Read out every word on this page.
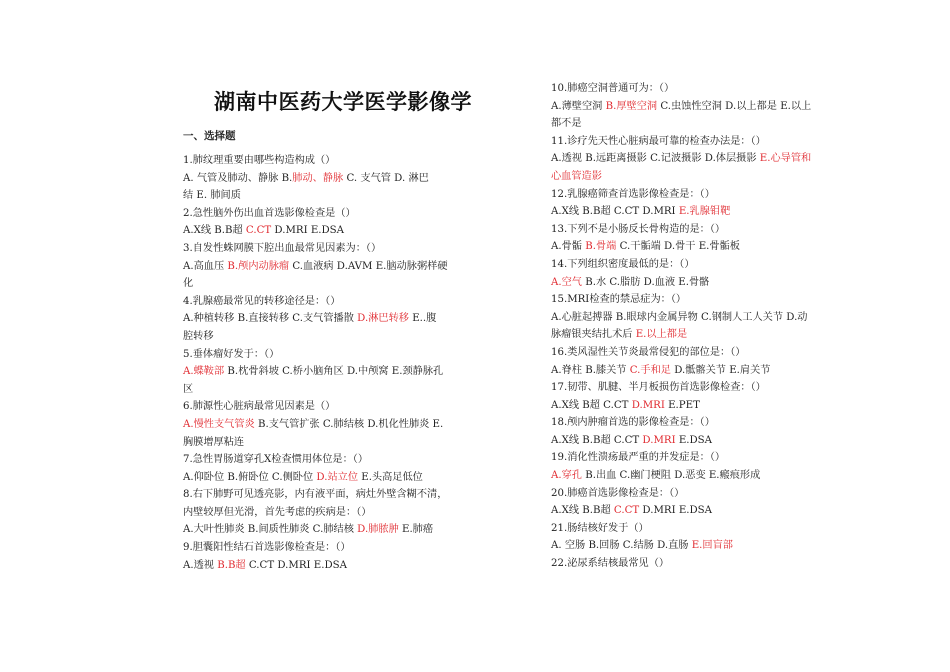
湖南中医药大学医学影像学
一、选择题
1.肺纹理重要由哪些构造构成（）
A. 气管及肺动、静脉 B.肺动、静脉 C. 支气管 D. 淋巴
结 E. 肺间质
2.急性脑外伤出血首选影像检查是（）
A.X线 B.B超 C.CT D.MRI E.DSA
3.自发性蛛网膜下腔出血最常见因素为：（）
A.高血压 B.颅内动脉瘤 C.血液病 D.AVM E.脑动脉粥样硬
化
4.乳腺癌最常见的转移途径是：（）
A.种植转移 B.直接转移 C.支气管播散 D.淋巴转移 E..腹
腔转移
5.垂体瘤好发于：（）
A.蝶鞍部 B.枕骨斜坡 C.桥小脑角区 D.中颅窝 E.颈静脉孔
区
6.肺源性心脏病最常见因素是（）
A.慢性支气管炎 B.支气管扩张 C.肺结核 D.机化性肺炎 E.
胸膜增厚粘连
7.急性胃肠道穿孔X检查惯用体位是：（）
A.仰卧位 B.俯卧位 C.侧卧位 D.站立位 E.头高足低位
8.右下肺野可见透亮影，内有液平面，病灶外壁含糊不清，
内壁较厚但光滑，首先考虑的疾病是：（）
A.大叶性肺炎 B.间质性肺炎 C.肺结核 D.肺脓肿 E.肺癌
9.胆囊阳性结石首选影像检查是：（）
A.透视 B.B超 C.CT D.MRI E.DSA
10.肺癌空洞普通可为：（）
A.薄壁空洞 B.厚壁空洞 C.虫蚀性空洞 D.以上都是 E.以上
都不是
11.诊疗先天性心脏病最可靠的检查办法是：（）
A.透视 B.远距离摄影 C.记波摄影 D.体层摄影 E.心导管和
心血管造影
12.乳腺癌筛查首选影像检查是：（）
A.X线 B.B超 C.CT D.MRI E.乳腺钼靶
13.下列不是小肠反长骨构造的是：（）
A.骨骺 B.骨端 C.干骺端 D.骨干 E.骨骺板
14.下列组织密度最低的是：（）
A.空气 B.水 C.脂肪 D.血液 E.骨骼
15.MRI检查的禁忌症为：（）
A.心脏起搏器 B.眼球内金属异物 C.钢制人工人关节 D.动
脉瘤银夹结扎术后 E.以上都是
16.类风湿性关节炎最常侵犯的部位是：（）
A.脊柱 B.膝关节 C.手和足 D.骶髂关节 E.肩关节
17.韧带、肌腱、半月板损伤首选影像检查：（）
A.X线 B超 C.CT D.MRI E.PET
18.颅内肿瘤首选的影像检查是：（）
A.X线 B.B超 C.CT D.MRI E.DSA
19.消化性溃疡最严重的并发症是：（）
A.穿孔 B.出血 C.幽门梗阻 D.恶变 E.瘢痕形成
20.肺癌首选影像检查是：（）
A.X线 B.B超 C.CT D.MRI E.DSA
21.肠结核好发于（）
A. 空肠 B.回肠 C.结肠 D.直肠 E.回盲部
22.泌尿系结核最常见（）
